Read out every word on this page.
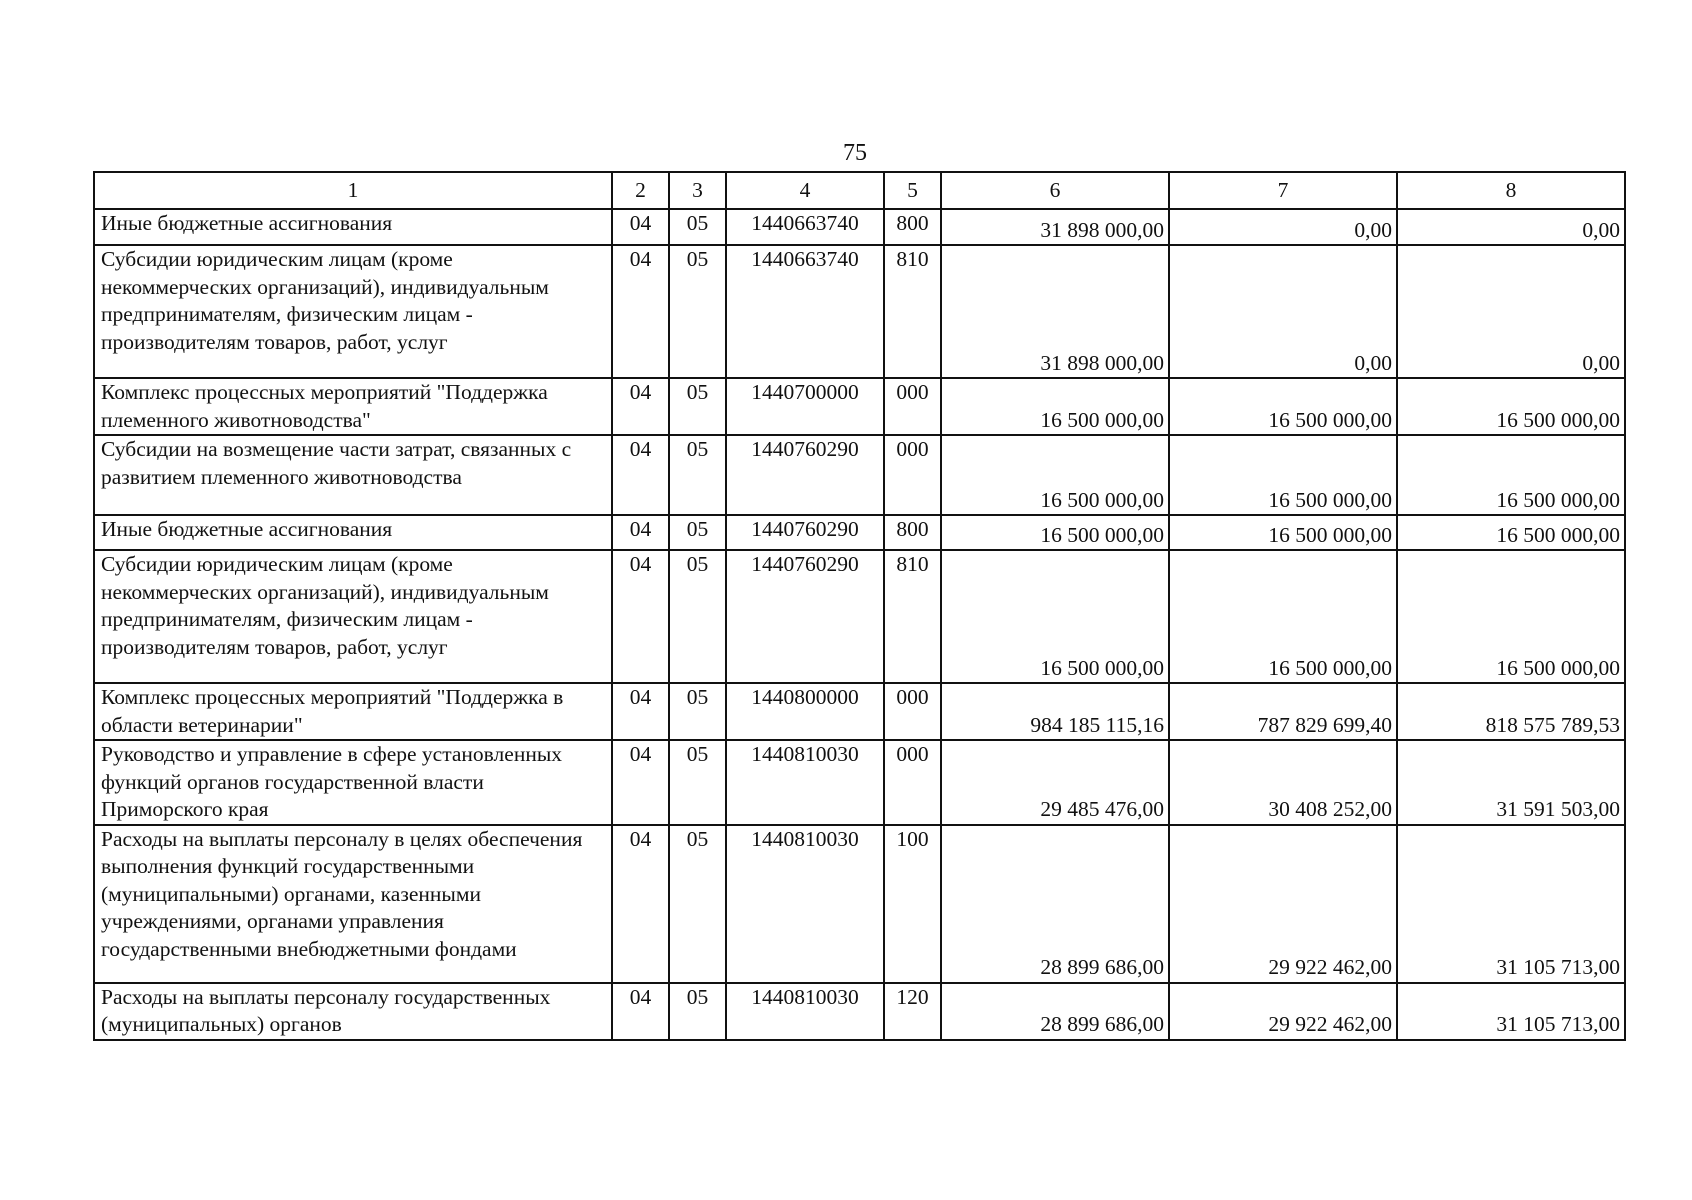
75
1	2	3	4	5	6	7	8
Иные бюджетные ассигнования	04	05	1440663740	800	31 898 000,00	0,00	0,00
Субсидии юридическим лицам (кроме некоммерческих организаций), индивидуальным предпринимателям, физическим лицам - производителям товаров, работ, услуг	04	05	1440663740	810	31 898 000,00	0,00	0,00
Комплекс процессных мероприятий "Поддержка племенного животноводства"	04	05	1440700000	000	16 500 000,00	16 500 000,00	16 500 000,00
Субсидии на возмещение части затрат, связанных с развитием племенного животноводства	04	05	1440760290	000	16 500 000,00	16 500 000,00	16 500 000,00
Иные бюджетные ассигнования	04	05	1440760290	800	16 500 000,00	16 500 000,00	16 500 000,00
Субсидии юридическим лицам (кроме некоммерческих организаций), индивидуальным предпринимателям, физическим лицам - производителям товаров, работ, услуг	04	05	1440760290	810	16 500 000,00	16 500 000,00	16 500 000,00
Комплекс процессных мероприятий "Поддержка в области ветеринарии"	04	05	1440800000	000	984 185 115,16	787 829 699,40	818 575 789,53
Руководство и управление в сфере установленных функций органов государственной власти Приморского края	04	05	1440810030	000	29 485 476,00	30 408 252,00	31 591 503,00
Расходы на выплаты персоналу в целях обеспечения выполнения функций государственными (муниципальными) органами, казенными учреждениями, органами управления государственными внебюджетными фондами	04	05	1440810030	100	28 899 686,00	29 922 462,00	31 105 713,00
Расходы на выплаты персоналу государственных (муниципальных) органов	04	05	1440810030	120	28 899 686,00	29 922 462,00	31 105 713,00
